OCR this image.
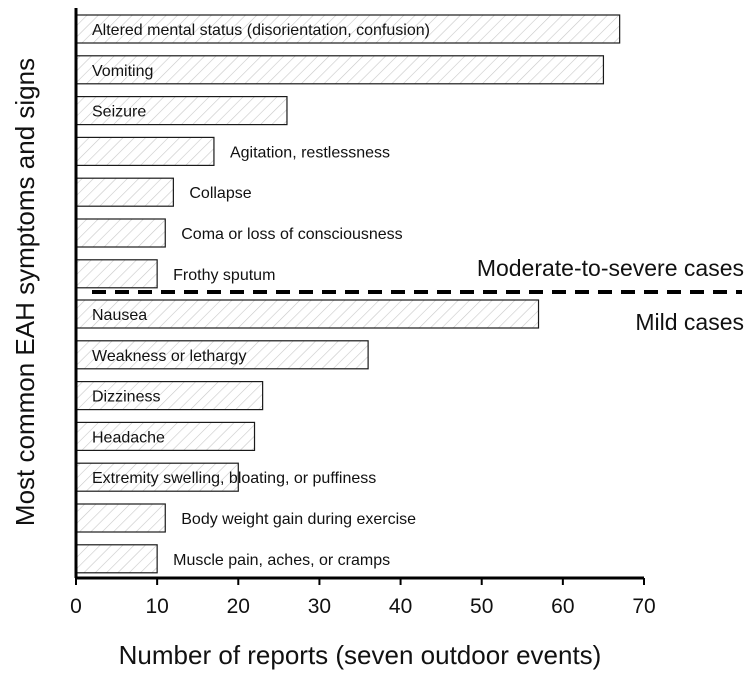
Altered mental status (disorientation, confusion)
Vomiting
Seizure
Agitation, restlessness
Collapse
Coma or loss of consciousness
Frothy sputum
Nausea
Weakness or lethargy
Dizziness
Headache
Extremity swelling, bloating, or puffiness
Body weight gain during exercise
Muscle pain, aches, or cramps
Moderate-to-severe cases
Mild cases
0	10	20	30	40	50	60	70
Number of reports (seven outdoor events)
Most common EAH symptoms and signs
